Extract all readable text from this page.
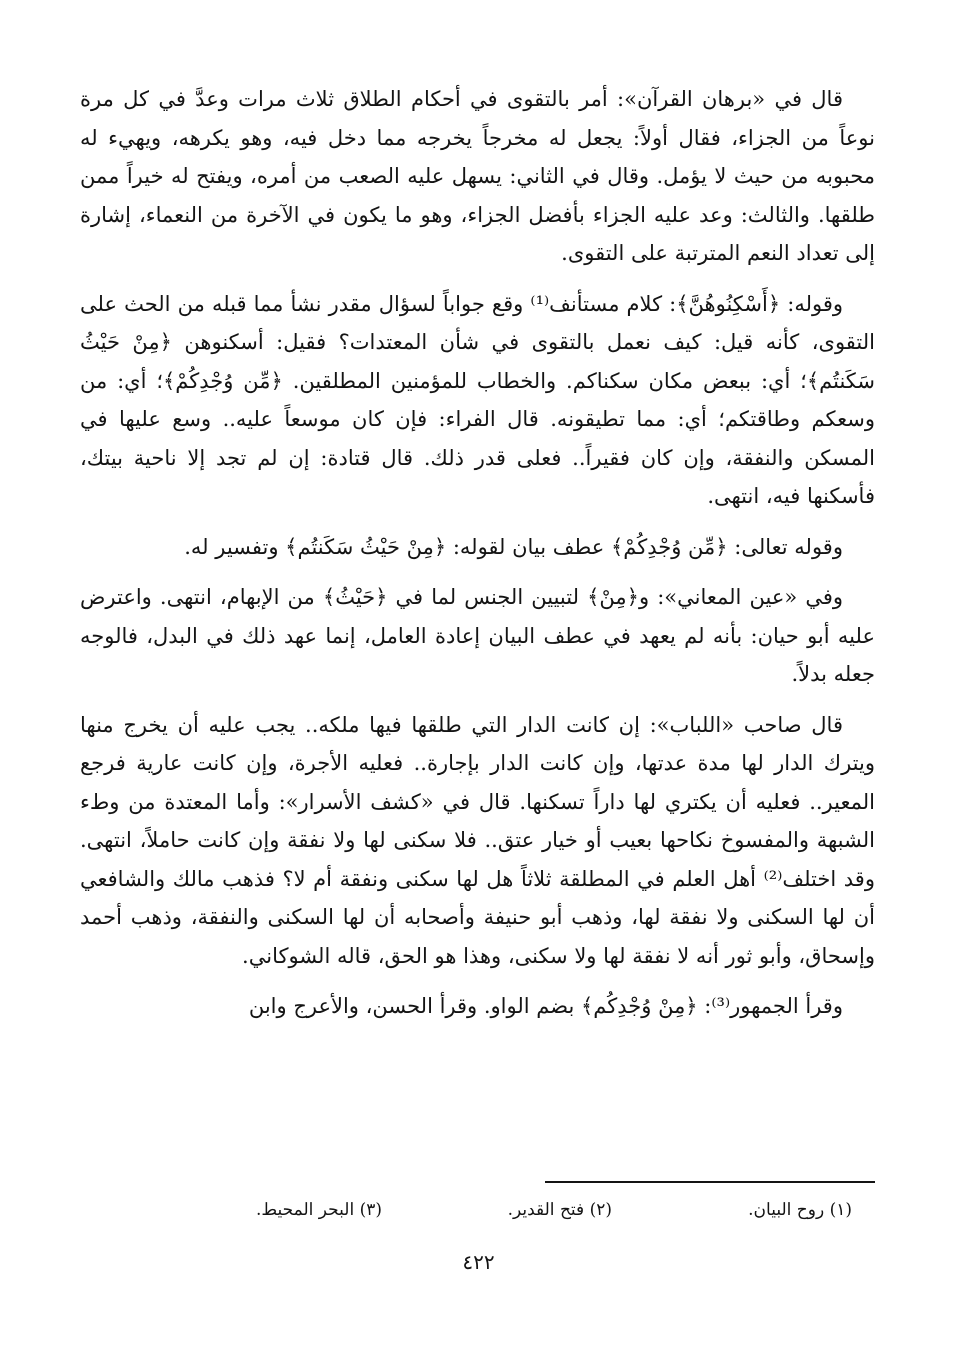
قال في «برهان القرآن»: أمر بالتقوى في أحكام الطلاق ثلاث مرات وعدَّ في كل مرة نوعاً من الجزاء، فقال أولاً: يجعل له مخرجاً يخرجه مما دخل فيه، وهو يكرهه، ويهيء له محبوبه من حيث لا يؤمل. وقال في الثاني: يسهل عليه الصعب من أمره، ويفتح له خيراً ممن طلقها. والثالث: وعد عليه الجزاء بأفضل الجزاء، وهو ما يكون في الآخرة من النعماء، إشارة إلى تعداد النعم المترتبة على التقوى.

وقوله: ﴿أَسْكِنُوهُنَّ﴾: كلام مستأنف⁽¹⁾ وقع جواباً لسؤال مقدر نشأ مما قبله من الحث على التقوى، كأنه قيل: كيف نعمل بالتقوى في شأن المعتدات؟ فقيل: أسكنوهن ﴿مِنْ حَيْثُ سَكَنتُم﴾؛ أي: ببعض مكان سكناكم. والخطاب للمؤمنين المطلقين. ﴿مِّن وُجْدِكُمْ﴾؛ أي: من وسعكم وطاقتكم؛ أي: مما تطيقونه. قال الفراء: فإن كان موسعاً عليه.. وسع عليها في المسكن والنفقة، وإن كان فقيراً.. فعلى قدر ذلك. قال قتادة: إن لم تجد إلا ناحية بيتك، فأسكنها فيه، انتهى.

وقوله تعالى: ﴿مِّن وُجْدِكُمْ﴾ عطف بيان لقوله: ﴿مِنْ حَيْثُ سَكَنتُم﴾ وتفسير له.

وفي «عين المعاني»: و﴿مِنْ﴾ لتبيين الجنس لما في ﴿حَيْثُ﴾ من الإبهام، انتهى. واعترض عليه أبو حيان: بأنه لم يعهد في عطف البيان إعادة العامل، إنما عهد ذلك في البدل، فالوجه جعله بدلاً.

قال صاحب «اللباب»: إن كانت الدار التي طلقها فيها ملكه.. يجب عليه أن يخرج منها ويترك الدار لها مدة عدتها، وإن كانت الدار بإجارة.. فعليه الأجرة، وإن كانت عارية فرجع المعير.. فعليه أن يكتري لها داراً تسكنها. قال في «كشف الأسرار»: وأما المعتدة من وطء الشبهة والمفسوخ نكاحها بعيب أو خيار عتق.. فلا سكنى لها ولا نفقة وإن كانت حاملاً، انتهى. وقد اختلف⁽²⁾ أهل العلم في المطلقة ثلاثاً هل لها سكنى ونفقة أم لا؟ فذهب مالك والشافعي أن لها السكنى ولا نفقة لها، وذهب أبو حنيفة وأصحابه أن لها السكنى والنفقة، وذهب أحمد وإسحاق، وأبو ثور أنه لا نفقة لها ولا سكنى، وهذا هو الحق، قاله الشوكاني.

وقرأ الجمهور⁽³⁾: ﴿مِنْ وُجْدِكُم﴾ بضم الواو. وقرأ الحسن، والأعرج وابن

(١) روح البيان.
(٢) فتح القدير.
(٣) البحر المحيط.
٤٢٢
